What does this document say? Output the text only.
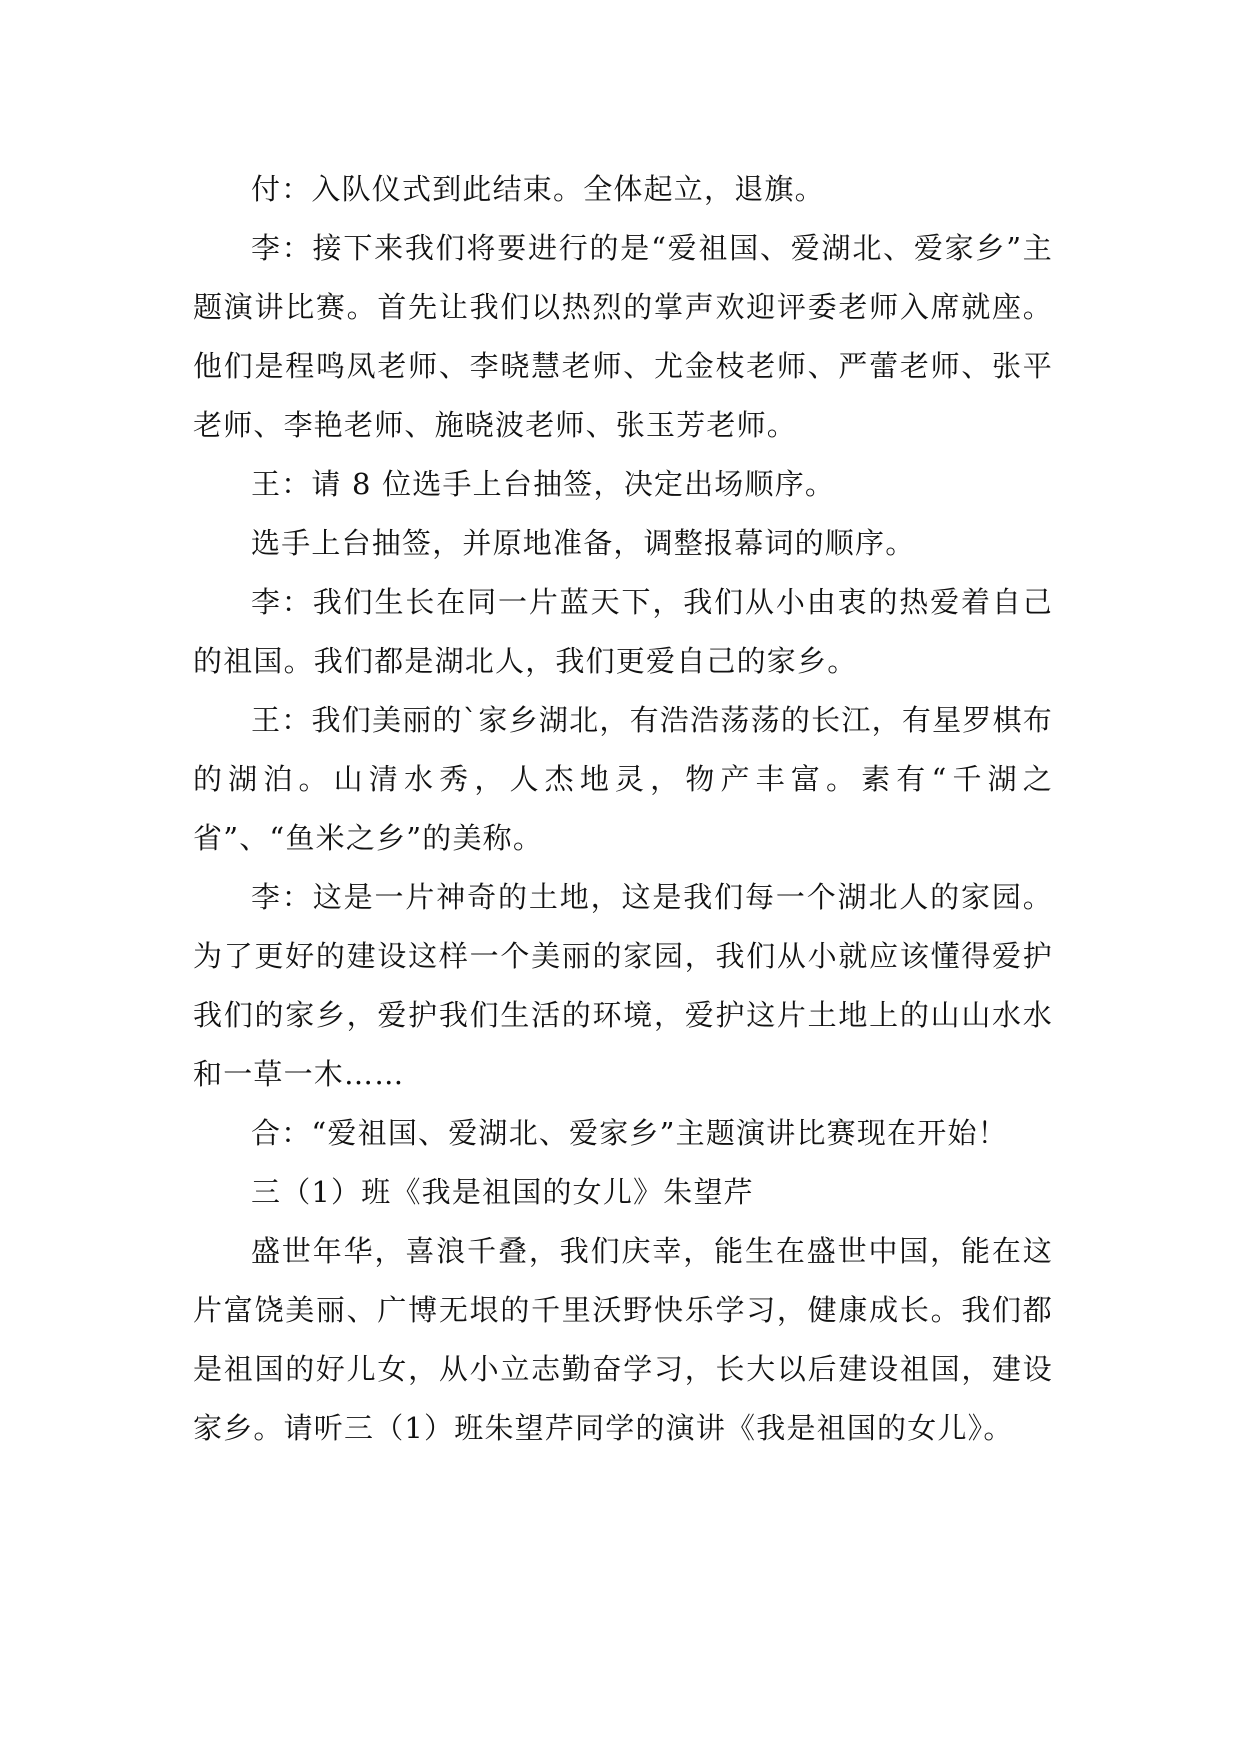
付：入队仪式到此结束。全体起立，退旗。

李：接下来我们将要进行的是“爱祖国、爱湖北、爱家乡”主题演讲比赛。首先让我们以热烈的掌声欢迎评委老师入席就座。他们是程鸣凤老师、李晓慧老师、尤金枝老师、严蕾老师、张平老师、李艳老师、施晓波老师、张玉芳老师。

王：请 8 位选手上台抽签，决定出场顺序。

选手上台抽签，并原地准备，调整报幕词的顺序。

李：我们生长在同一片蓝天下，我们从小由衷的热爱着自己的祖国。我们都是湖北人，我们更爱自己的家乡。

王：我们美丽的`家乡湖北，有浩浩荡荡的长江，有星罗棋布的湖泊。山清水秀，人杰地灵，物产丰富。素有“千湖之省”、“鱼米之乡”的美称。

李：这是一片神奇的土地，这是我们每一个湖北人的家园。为了更好的建设这样一个美丽的家园，我们从小就应该懂得爱护我们的家乡，爱护我们生活的环境，爱护这片土地上的山山水水和一草一木……

合：“爱祖国、爱湖北、爱家乡”主题演讲比赛现在开始！

三（1）班《我是祖国的女儿》朱望芹

盛世年华，喜浪千叠，我们庆幸，能生在盛世中国，能在这片富饶美丽、广博无垠的千里沃野快乐学习，健康成长。我们都是祖国的好儿女，从小立志勤奋学习，长大以后建设祖国，建设家乡。请听三（1）班朱望芹同学的演讲《我是祖国的女儿》。
